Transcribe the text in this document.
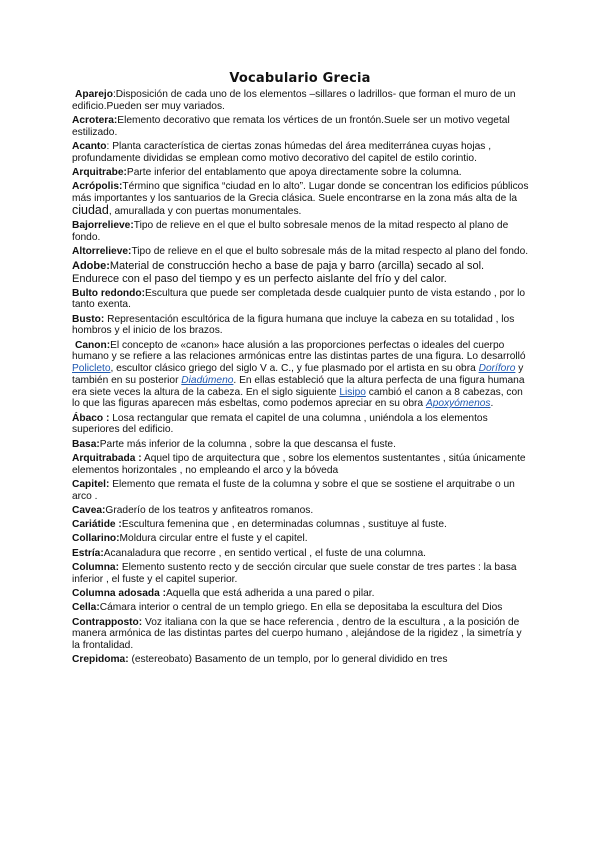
Vocabulario Grecia

Aparejo:Disposición de cada uno de los elementos –sillares o ladrillos- que forman el muro de un edificio.Pueden ser muy variados.

Acrotera:Elemento decorativo que remata los vértices de un frontón.Suele ser un motivo vegetal estilizado.

Acanto: Planta característica de ciertas zonas húmedas del área mediterránea cuyas hojas , profundamente divididas se emplean como motivo decorativo del capitel de estilo corintio.

Arquitrabe:Parte inferior del entablamento que apoya directamente sobre la columna.

Acrópolis:Término que significa “ciudad en lo alto”. Lugar donde se concentran los edificios públicos más importantes y los santuarios de la Grecia clásica. Suele encontrarse en la zona más alta de la ciudad, amurallada y con puertas monumentales.

Bajorrelieve:Tipo de relieve en el que el bulto sobresale menos de la mitad respecto al plano de fondo.

Altorrelieve:Tipo de relieve en el que el bulto sobresale más de la mitad respecto al plano del fondo.

Adobe:Material de construcción hecho a base de paja y barro (arcilla) secado al sol. Endurece con el paso del tiempo y es un perfecto aislante del frío y del calor.

Bulto redondo:Escultura que puede ser completada desde cualquier punto de vista estando , por lo tanto exenta.

Busto: Representación escultórica de la figura humana que incluye la cabeza en su totalidad , los hombros y el inicio de los brazos.

Canon:El concepto de «canon» hace alusión a las proporciones perfectas o ideales del cuerpo humano y se refiere a las relaciones armónicas entre las distintas partes de una figura. Lo desarrolló Policleto, escultor clásico griego del siglo V a. C., y fue plasmado por el artista en su obra Doríforo y también en su posterior Diadúmeno. En ellas estableció que la altura perfecta de una figura humana era siete veces la altura de la cabeza. En el siglo siguiente Lisipo cambió el canon a 8 cabezas, con lo que las figuras aparecen más esbeltas, como podemos apreciar en su obra Apoxyómenos.

Ábaco : Losa rectangular que remata el capitel de una columna , uniéndola a los elementos superiores del edificio.

Basa:Parte más inferior de la columna , sobre la que descansa el fuste.

Arquitrabada : Aquel tipo de arquitectura que , sobre los elementos sustentantes , sitúa únicamente elementos horizontales , no empleando el arco y la bóveda

Capitel: Elemento que remata el fuste de la columna y sobre el que se sostiene el arquitrabe o un arco .

Cavea:Graderío de los teatros y anfiteatros romanos.

Cariátide :Escultura femenina que , en determinadas columnas , sustituye al fuste.

Collarino:Moldura circular entre el fuste y el capitel.

Estría:Acanaladura que recorre , en sentido vertical , el fuste de una columna.

Columna: Elemento sustento recto y de sección circular que suele constar de tres partes : la basa inferior , el fuste y el capitel superior.

Columna adosada :Aquella que está adherida a una pared o pilar.

Cella:Cámara interior o central de un templo griego. En ella se depositaba la escultura del Dios

Contrapposto: Voz italiana con la que se hace referencia , dentro de la escultura , a la posición de manera armónica de las distintas partes del cuerpo humano , alejándose de la rigidez , la simetría y la frontalidad.

Crepidoma: (estereobato) Basamento de un templo, por lo general dividido en tres
